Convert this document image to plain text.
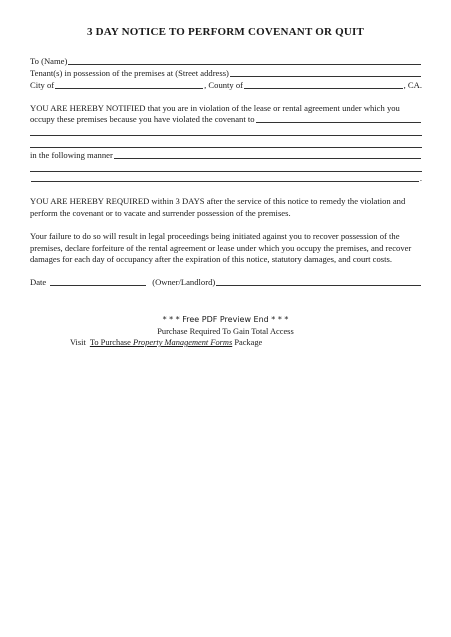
3 DAY NOTICE TO PERFORM COVENANT OR QUIT
To (Name)
Tenant(s) in possession of the premises at (Street address)
City of	, County of	, CA.
YOU ARE HEREBY NOTIFIED that you are in violation of the lease or rental agreement under which you
occupy these premises because you have violated the covenant to
in the following manner
.
YOU ARE HEREBY REQUIRED within 3 DAYS after the service of this notice to remedy the violation and perform the covenant or to vacate and surrender possession of the premises.
Your failure to do so will result in legal proceedings being initiated against you to recover possession of the premises, declare forfeiture of the rental agreement or lease under which you occupy the premises, and recover damages for each day of occupancy after the expiration of this notice, statutory damages, and court costs.
Date	(Owner/Landlord)
* * * Free PDF Preview End * * *
Purchase Required To Gain Total Access
Visit To Purchase Property Management Forms Package
